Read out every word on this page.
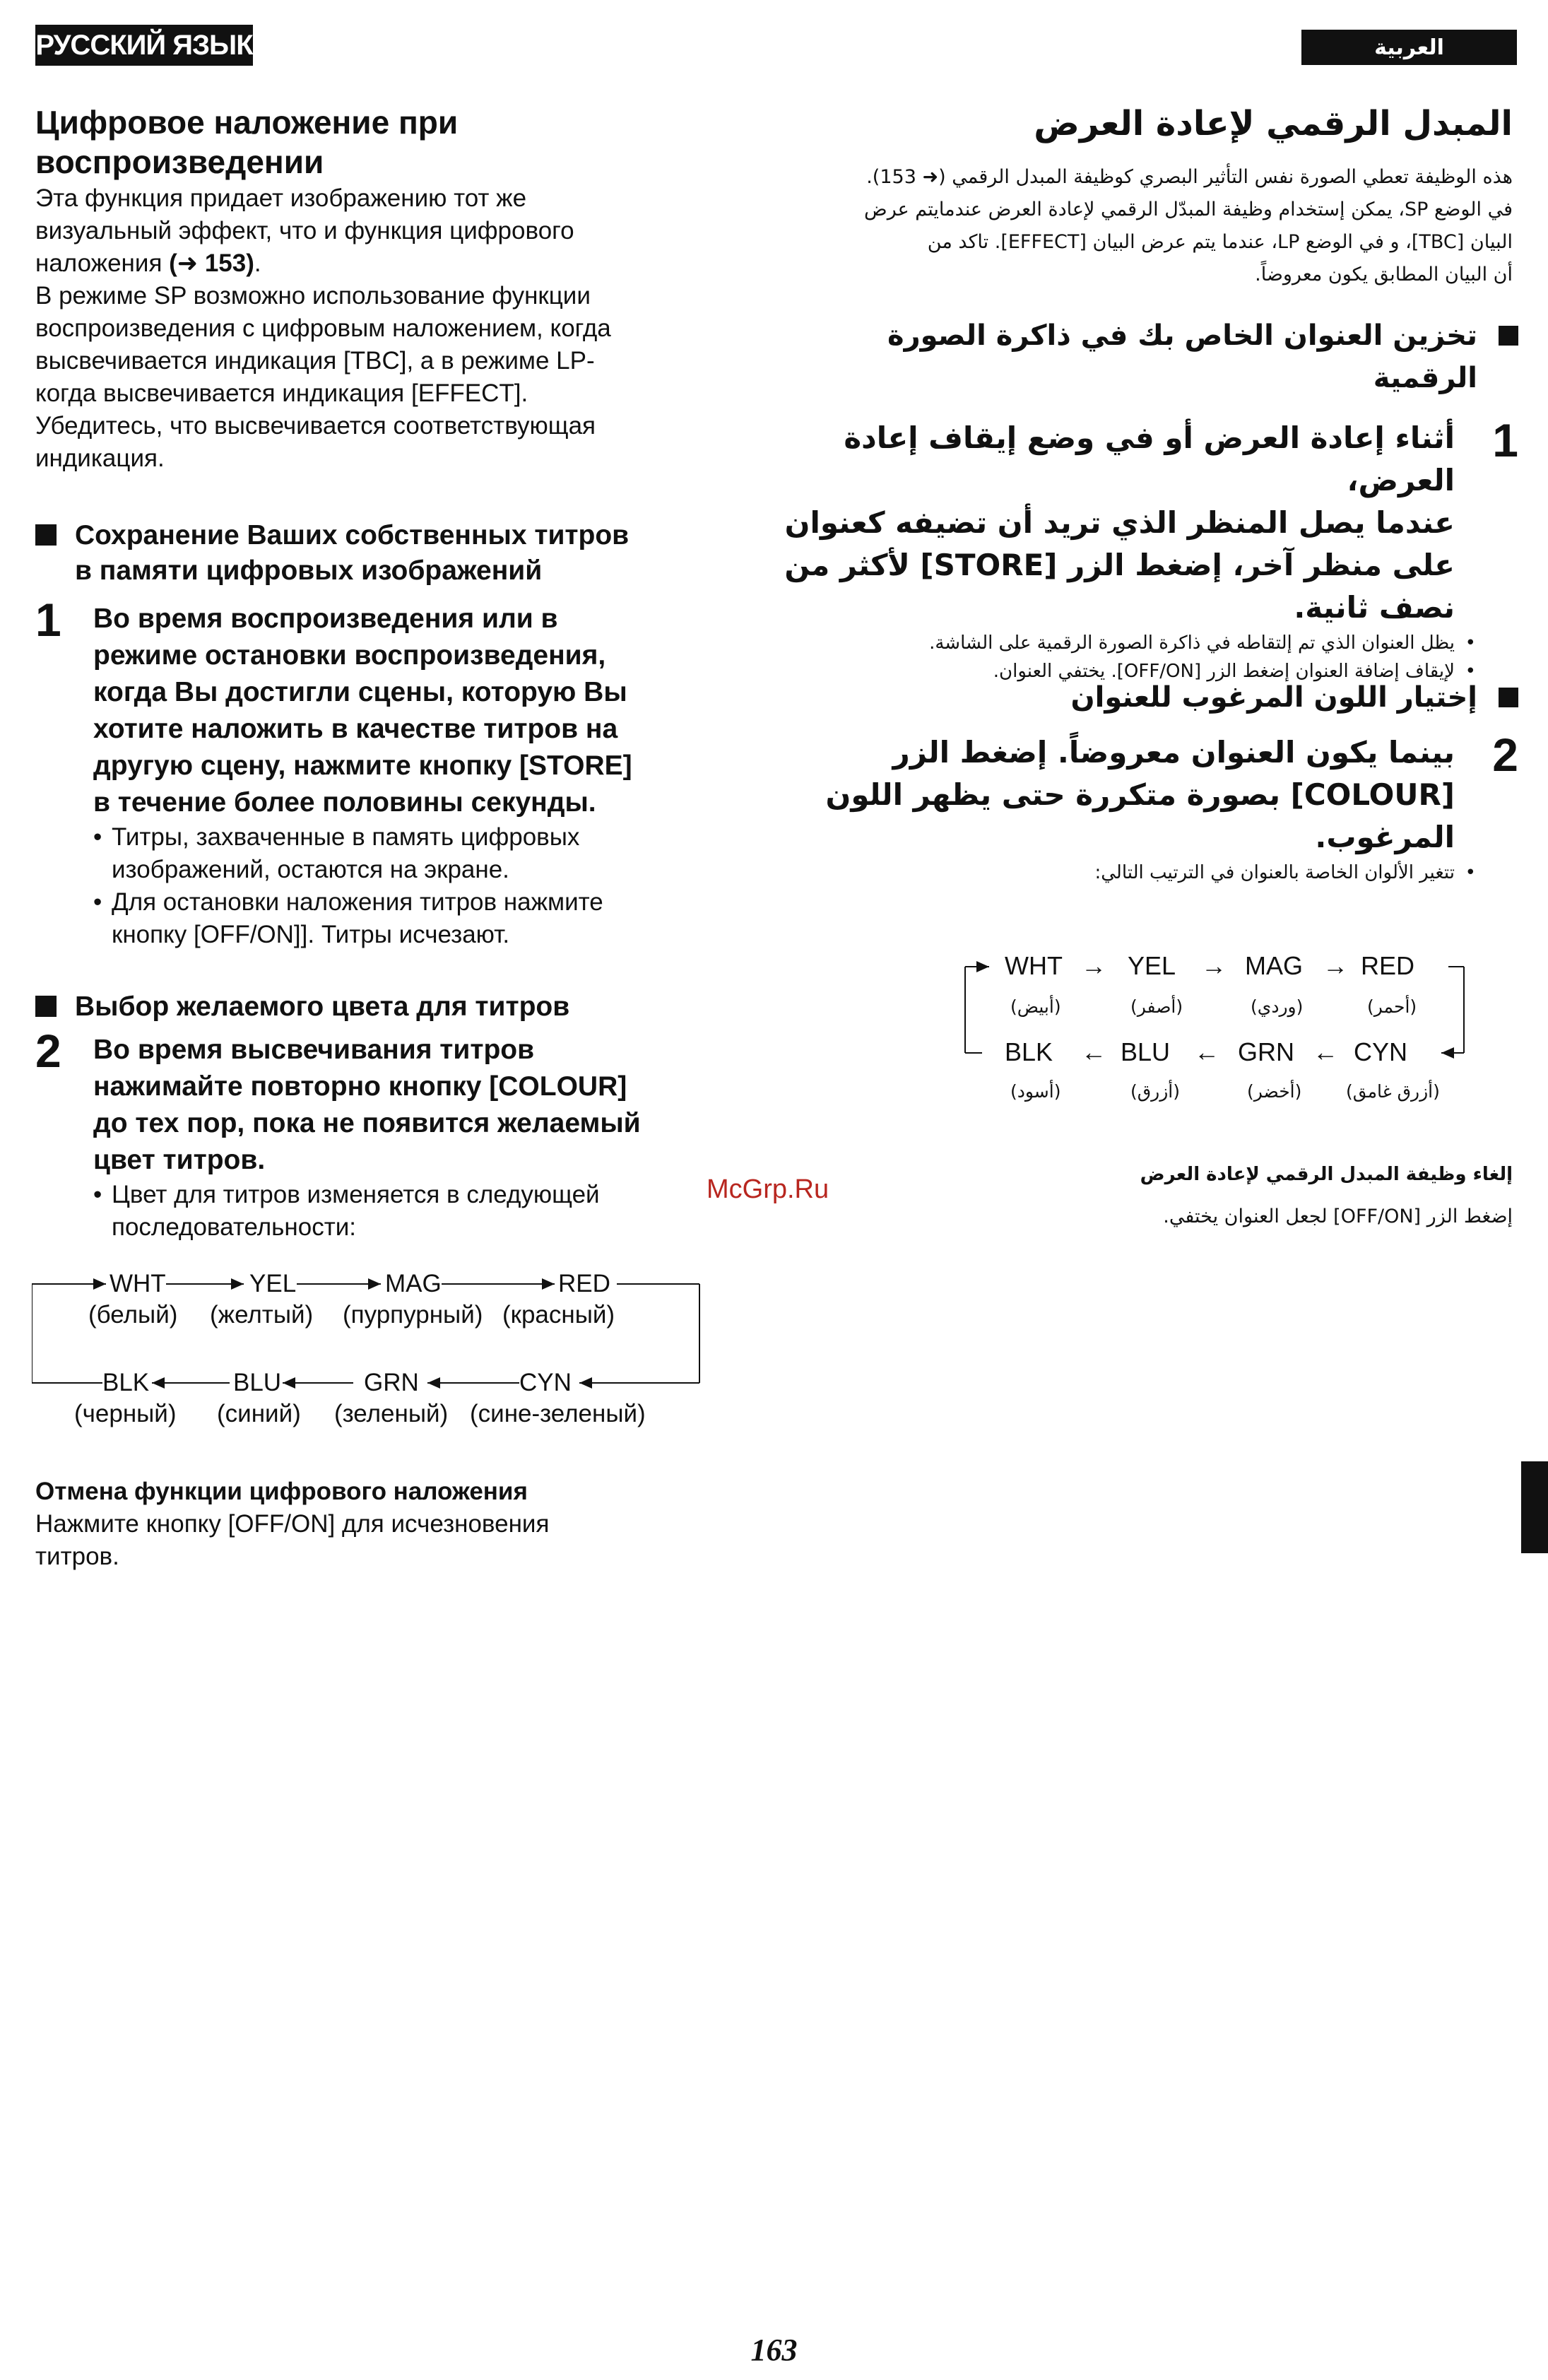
РУССКИЙ ЯЗЫК	العربية
Цифровое наложение при
воспроизведении

Эта функция придает изображению тот же
визуальный эффект, что и функция цифрового
наложения (➜ 153).

В режиме SP возможно использование функции
воспроизведения с цифровым наложением, когда
высвечивается индикация [TBC], а в режиме LP-
когда высвечивается индикация [EFFECT].
Убедитесь, что высвечивается соответствующая
индикация.

Сохранение Ваших собственных титров
в памяти цифровых изображений
1 Во время воспроизведения или в
режиме остановки воспроизведения,
когда Вы достигли сцены, которую Вы
хотите наложить в качестве титров на
другую сцену, нажмите кнопку [STORE]
в течение более половины секунды.
• Титры, захваченные в память цифровых
изображений, остаются на экране.
• Для остановки наложения титров нажмите
кнопку [OFF/ON]]. Титры исчезают.
Выбор желаемого цвета для титров
2 Во время высвечивания титров
нажимайте повторно кнопку [COLOUR]
до тех пор, пока не появится желаемый
цвет титров.
• Цвет для титров изменяется в следующей
последовательности:
WHT	YEL	MAG	RED
(белый) (желтый) (пурпурный) (красный)
BLK	BLU	GRN	CYN
(черный) (синий) (зеленый) (сине-зеленый)

Отмена функции цифрового наложения

Нажмите кнопку [OFF/ON] для исчезновения
титров.

المبدل الرقمي لإعادة العرض

هذه الوظيفة تعطي الصورة نفس التأثير البصري كوظيفة المبدل الرقمي (➜ 153).

في الوضع SP، يمكن إستخدام وظيفة المبدّل الرقمي لإعادة العرض عندمايتم عرض

البيان [TBC]، و في الوضع LP، عندما يتم عرض البيان [EFFECT]. تاكد من

أن البيان المطابق يكون معروضاً.

تخزين العنوان الخاص بك في ذاكرة الصورة
الرقمية
1
أثناء إعادة العرض أو في وضع إيقاف إعادة العرض،
عندما يصل المنظر الذي تريد أن تضيفه كعنوان
على منظر آخر، إضغط الزر [STORE] لأكثر من
نصف ثانية.
• يظل العنوان الذي تم إلتقاطه في ذاكرة الصورة الرقمية على الشاشة.
• لإيقاف إضافة العنوان إضغط الزر [OFF/ON]. يختفي العنوان.
إختيار اللون المرغوب للعنوان
2
بينما يكون العنوان معروضاً. إضغط الزر
[COLOUR] بصورة متكررة حتى يظهر اللون
المرغوب.
• تتغير الألوان الخاصة بالعنوان في الترتيب التالي:
WHT → YEL → MAG → RED
(أبيض)	(أصفر)	(وردي)	(أحمر)
BLK ← BLU ← GRN ← CYN
(أسود)	(أزرق)	(أخضر)	(أزرق غامق)
إلغاء وظيفة المبدل الرقمي لإعادة العرض
إضغط الزر [OFF/ON] لجعل العنوان يختفي.
McGrp.Ru
163
